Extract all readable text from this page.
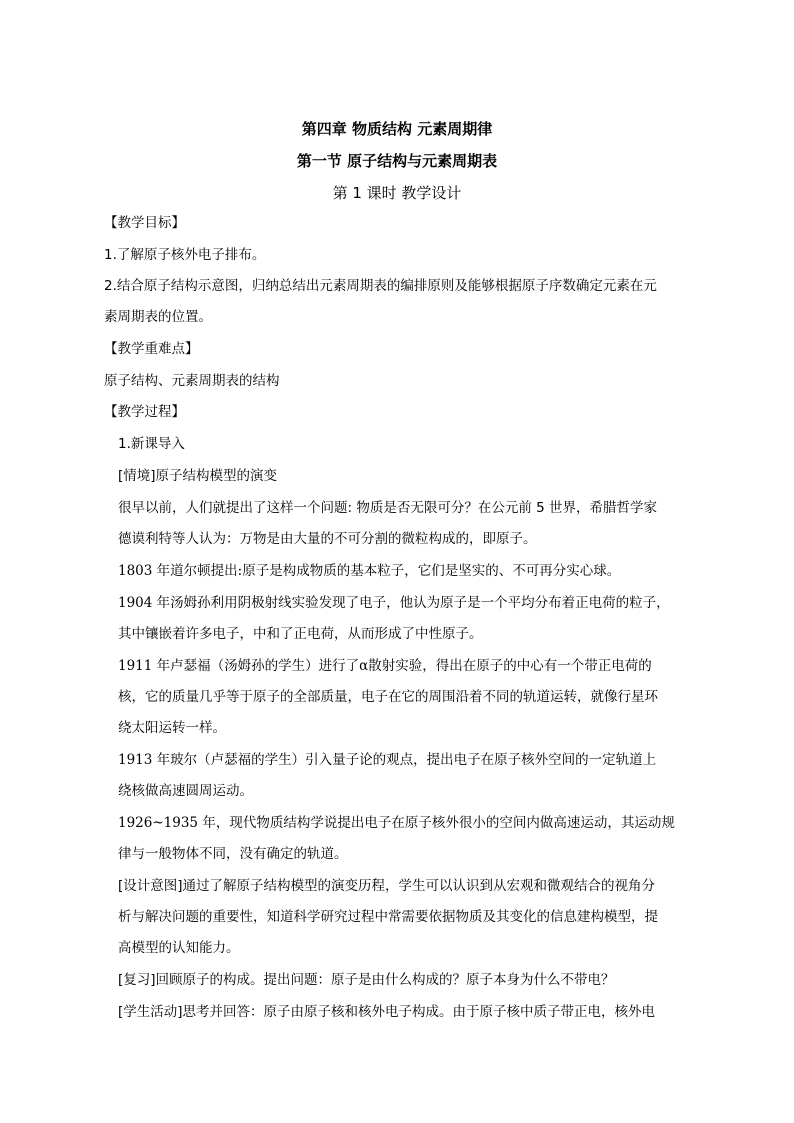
第四章 物质结构 元素周期律
第一节 原子结构与元素周期表
第 1 课时 教学设计
【教学目标】
1.了解原子核外电子排布。
2.结合原子结构示意图，归纳总结出元素周期表的编排原则及能够根据原子序数确定元素在元
素周期表的位置。
【教学重难点】
原子结构、元素周期表的结构
【教学过程】
1.新课导入
[情境]原子结构模型的演变
很早以前，人们就提出了这样一个问题: 物质是否无限可分？在公元前 5 世界，希腊哲学家
德谟利特等人认为：万物是由大量的不可分割的微粒构成的，即原子。
1803 年道尔顿提出:原子是构成物质的基本粒子，它们是坚实的、不可再分实心球。
1904 年汤姆孙利用阴极射线实验发现了电子，他认为原子是一个平均分布着正电荷的粒子，
其中镶嵌着许多电子，中和了正电荷，从而形成了中性原子。
1911 年卢瑟福（汤姆孙的学生）进行了α散射实验，得出在原子的中心有一个带正电荷的
核，它的质量几乎等于原子的全部质量，电子在它的周围沿着不同的轨道运转，就像行星环
绕太阳运转一样。
1913 年玻尔（卢瑟福的学生）引入量子论的观点，提出电子在原子核外空间的一定轨道上
绕核做高速圆周运动。
1926~1935 年，现代物质结构学说提出电子在原子核外很小的空间内做高速运动，其运动规
律与一般物体不同，没有确定的轨道。
[设计意图]通过了解原子结构模型的演变历程，学生可以认识到从宏观和微观结合的视角分
析与解决问题的重要性，知道科学研究过程中常需要依据物质及其变化的信息建构模型，提
高模型的认知能力。
[复习]回顾原子的构成。提出问题：原子是由什么构成的？原子本身为什么不带电？
[学生活动]思考并回答：原子由原子核和核外电子构成。由于原子核中质子带正电，核外电
